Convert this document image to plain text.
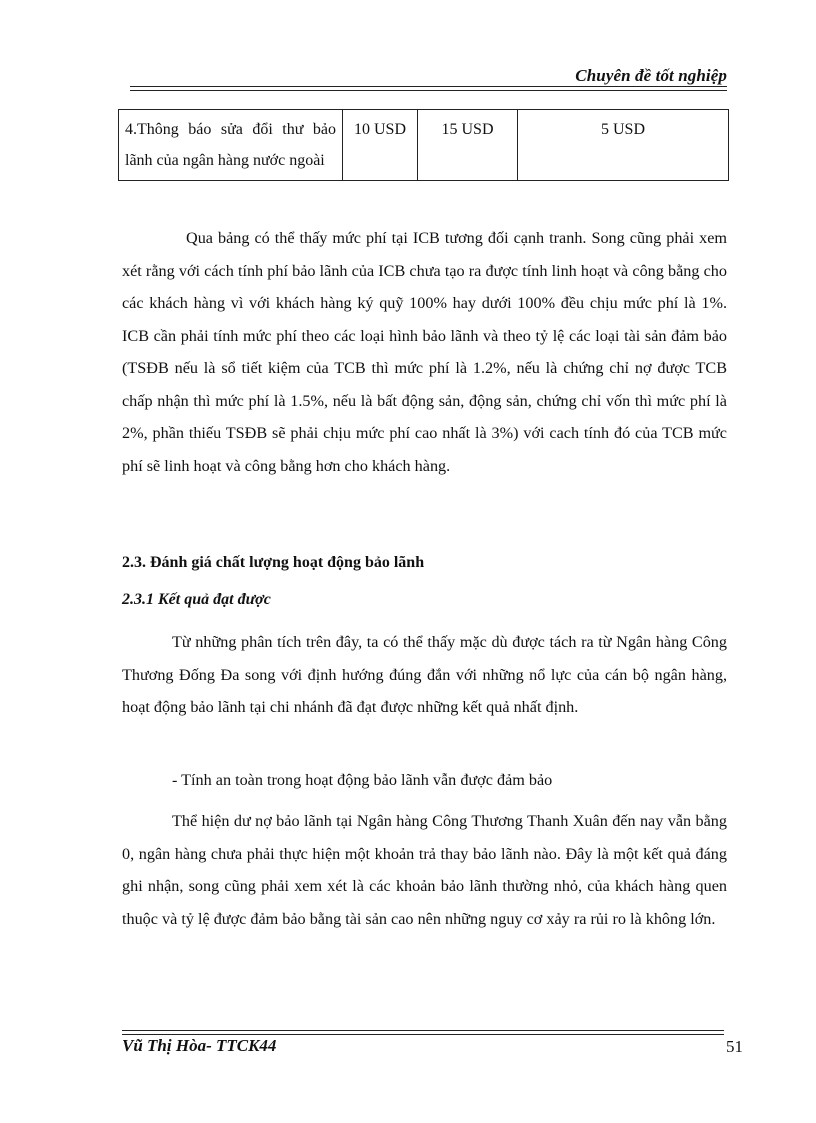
Chuyên đề tốt nghiệp
4.Thông báo sửa đổi thư bảo lãnh của ngân hàng nước ngoài	10 USD	15 USD	5 USD

Qua bảng có thể thấy mức phí tại ICB tương đối cạnh tranh. Song cũng phải xem xét rằng với cách tính phí bảo lãnh của ICB chưa tạo ra được tính linh hoạt và công bằng cho các khách hàng vì với khách hàng ký quỹ 100% hay dưới 100% đều chịu mức phí là 1%. ICB cần phải tính mức phí theo các loại hình bảo lãnh và theo tỷ lệ các loại tài sản đảm bảo (TSĐB nếu là sổ tiết kiệm của TCB thì mức phí là 1.2%, nếu là chứng chỉ nợ được TCB chấp nhận thì mức phí là 1.5%, nếu là bất động sản, động sản, chứng chỉ vốn thì mức phí là 2%, phần thiếu TSĐB sẽ phải chịu mức phí cao nhất là 3%) với cach tính đó của TCB mức phí sẽ linh hoạt và công bằng hơn cho khách hàng.

2.3. Đánh giá chất lượng hoạt động bảo lãnh
2.3.1 Kết quả đạt được

Từ những phân tích trên đây, ta có thể thấy mặc dù được tách ra từ Ngân hàng Công Thương Đống Đa song với định hướng đúng đắn với những nổ lực của cán bộ ngân hàng, hoạt động bảo lãnh tại chi nhánh đã đạt được những kết quả nhất định.

- Tính an toàn trong hoạt động bảo lãnh vẫn được đảm bảo

Thể hiện dư nợ bảo lãnh tại Ngân hàng Công Thương Thanh Xuân đến nay vẫn bằng 0, ngân hàng chưa phải thực hiện một khoản trả thay bảo lãnh nào. Đây là một kết quả đáng ghi nhận, song cũng phải xem xét là các khoản bảo lãnh thường nhỏ, của khách hàng quen thuộc và tỷ lệ được đảm bảo bằng tài sản cao nên những nguy cơ xảy ra rủi ro là không lớn.

Vũ Thị Hòa- TTCK44	51
